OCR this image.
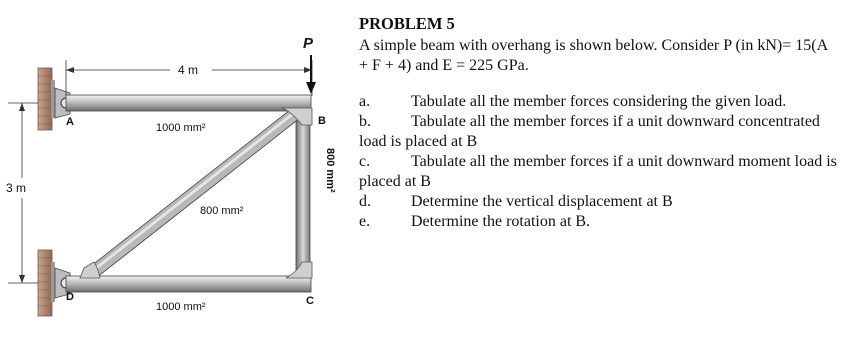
4 m
3 m
P
A	B
C
D
1000 mm²
800 mm²
1000 mm²
800 mm²
PROBLEM 5
A simple beam with overhang is shown below. Consider P (in kN)= 15(A + F + 4) and E = 225 GPa.
a.	Tabulate all the member forces considering the given load.
b.	Tabulate all the member forces if a unit downward concentrated load is placed at B
c.	Tabulate all the member forces if a unit downward moment load is placed at B
d.	Determine the vertical displacement at B
e.	Determine the rotation at B.
